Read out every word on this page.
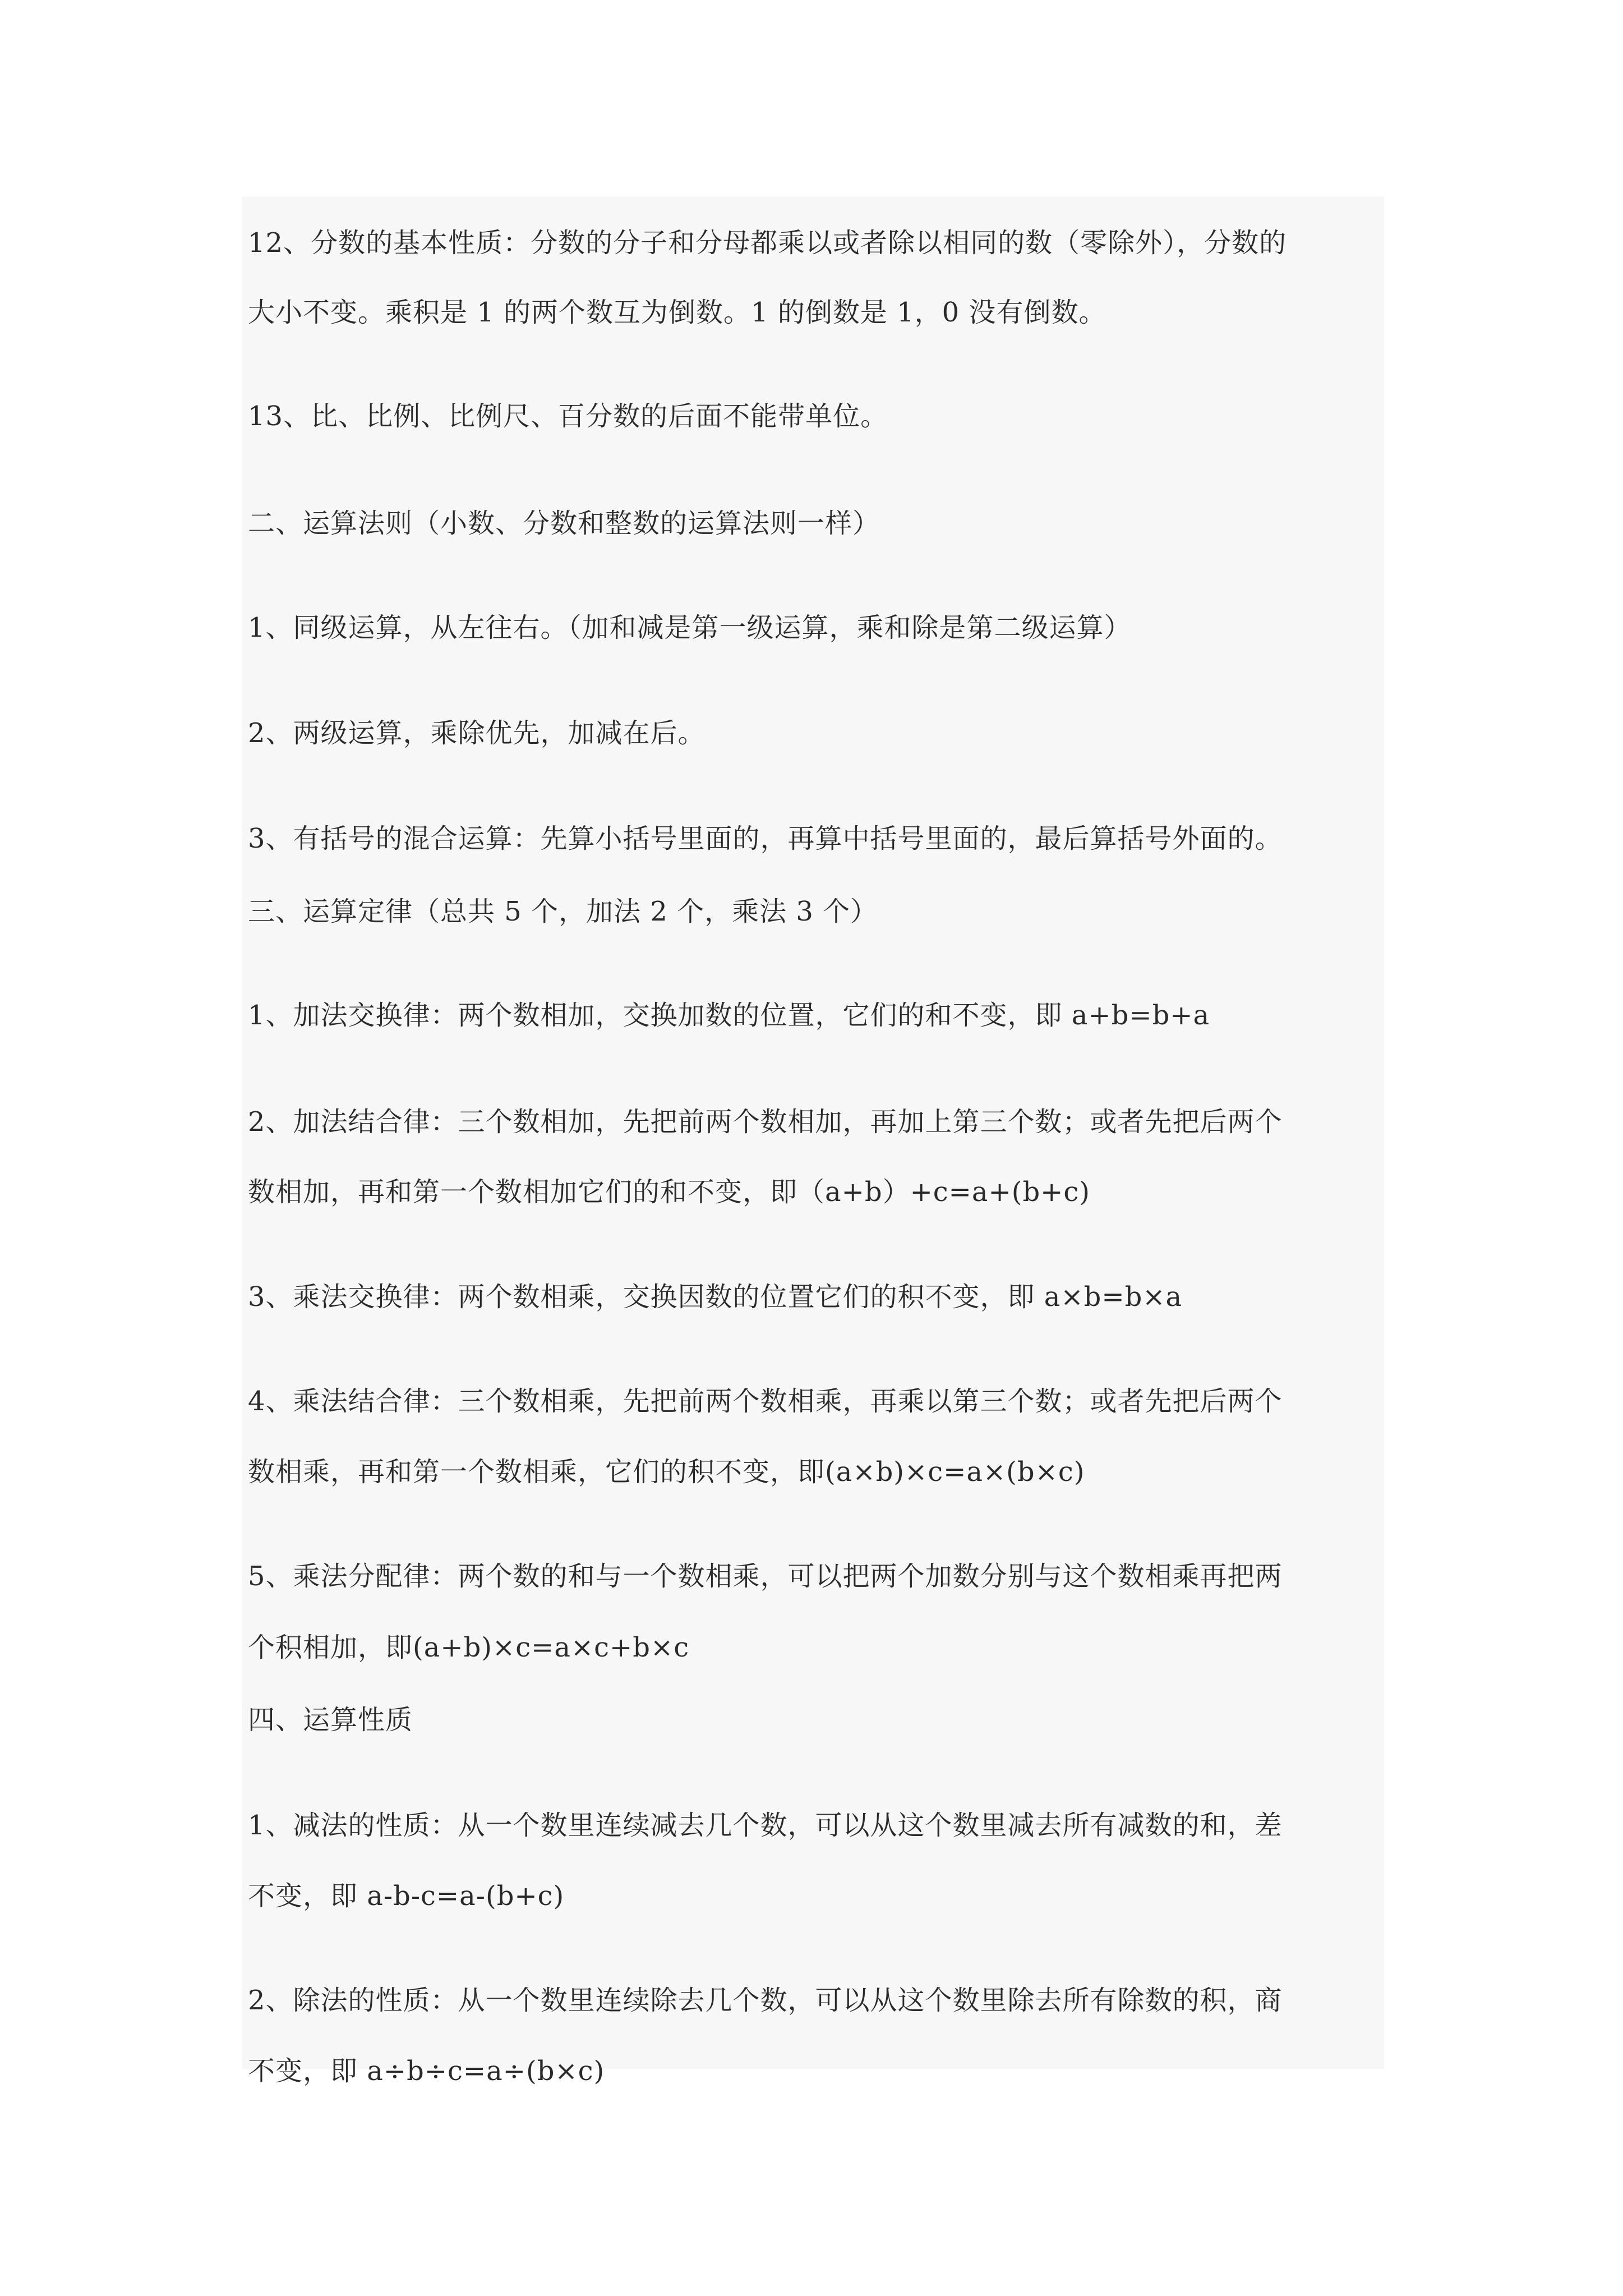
12、分数的基本性质：分数的分子和分母都乘以或者除以相同的数（零除外），分数的
大小不变。乘积是 1 的两个数互为倒数。1 的倒数是 1，0 没有倒数。
13、比、比例、比例尺、百分数的后面不能带单位。
二、运算法则（小数、分数和整数的运算法则一样）
1、同级运算，从左往右。（加和减是第一级运算，乘和除是第二级运算）
2、两级运算，乘除优先，加减在后。
3、有括号的混合运算：先算小括号里面的，再算中括号里面的，最后算括号外面的。
三、运算定律（总共 5 个，加法 2 个，乘法 3 个）
1、加法交换律：两个数相加，交换加数的位置，它们的和不变，即 a+b=b+a
2、加法结合律：三个数相加，先把前两个数相加，再加上第三个数；或者先把后两个
数相加，再和第一个数相加它们的和不变，即（a+b）+c=a+(b+c)
3、乘法交换律：两个数相乘，交换因数的位置它们的积不变，即 a×b=b×a
4、乘法结合律：三个数相乘，先把前两个数相乘，再乘以第三个数；或者先把后两个
数相乘，再和第一个数相乘，它们的积不变，即(a×b)×c=a×(b×c)
5、乘法分配律：两个数的和与一个数相乘，可以把两个加数分别与这个数相乘再把两
个积相加，即(a+b)×c=a×c+b×c
四、运算性质
1、减法的性质：从一个数里连续减去几个数，可以从这个数里减去所有减数的和，差
不变，即 a-b-c=a-(b+c)
2、除法的性质：从一个数里连续除去几个数，可以从这个数里除去所有除数的积，商
不变，即 a÷b÷c=a÷(b×c)
